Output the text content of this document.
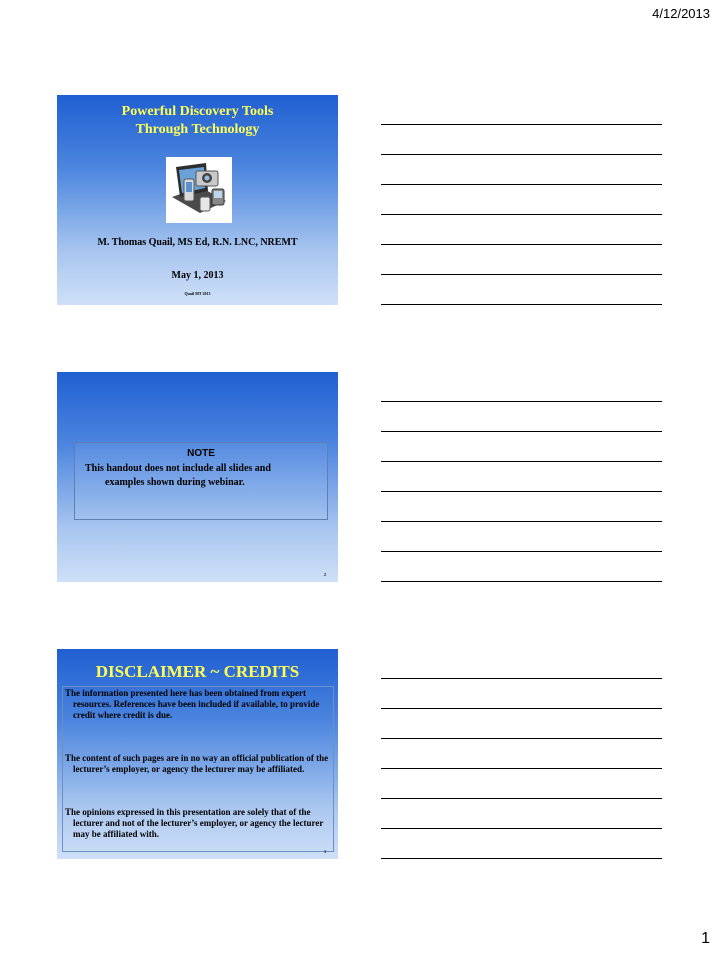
4/12/2013
Powerful Discovery Tools
Through Technology
M. Thomas Quail, MS Ed, R.N. LNC, NREMT
May 1, 2013
Quail MT 2013
NOTE
This handout does not include all slides and
examples shown during webinar.
2
DISCLAIMER ~ CREDITS
The information presented here has been obtained from expert resources. References have been included if available, to provide credit where credit is due.
The content of such pages are in no way an official publication of the lecturer’s employer, or agency the lecturer may be affiliated.
The opinions expressed in this presentation are solely that of the lecturer and not of the lecturer’s employer, or agency the lecturer may be affiliated with.
3
1
